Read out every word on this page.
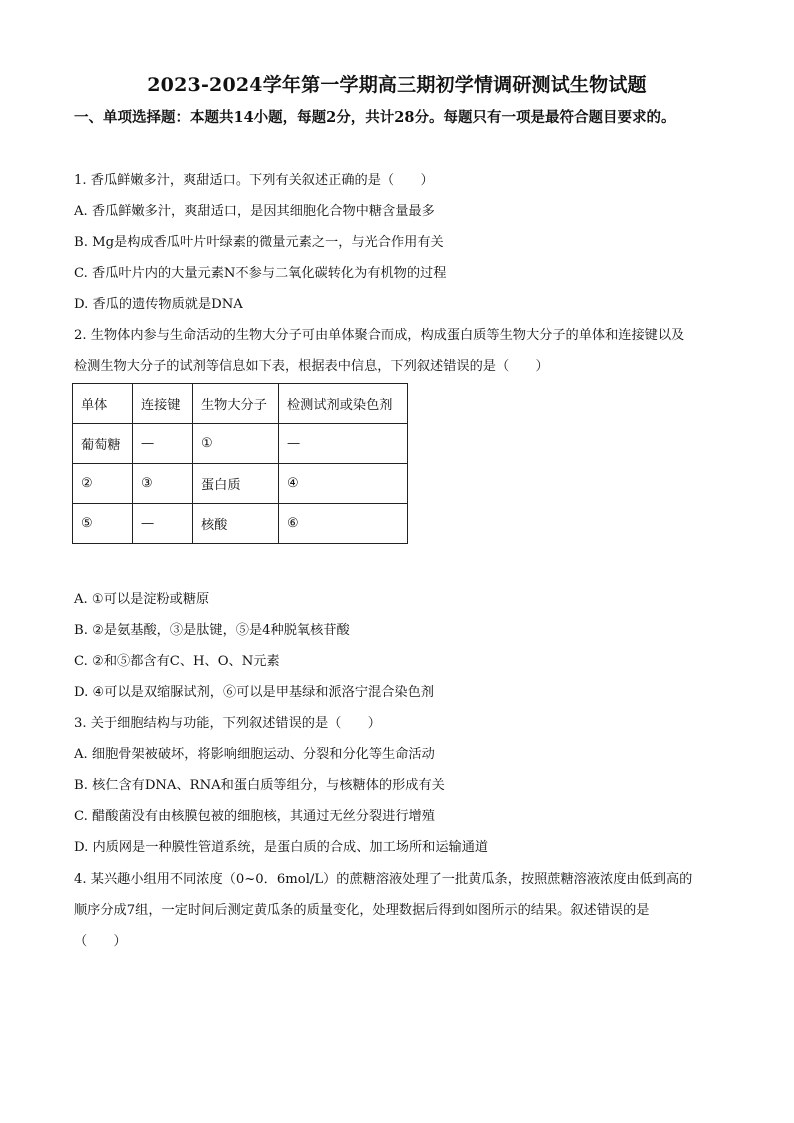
2023-2024学年第一学期高三期初学情调研测试生物试题
一、单项选择题：本题共14小题，每题2分，共计28分。每题只有一项是最符合题目要求的。
1. 香瓜鲜嫩多汁，爽甜适口。下列有关叙述正确的是（　　）
A. 香瓜鲜嫩多汁，爽甜适口，是因其细胞化合物中糖含量最多
B. Mg是构成香瓜叶片叶绿素的微量元素之一，与光合作用有关
C. 香瓜叶片内的大量元素N不参与二氧化碳转化为有机物的过程
D. 香瓜的遗传物质就是DNA
2. 生物体内参与生命活动的生物大分子可由单体聚合而成，构成蛋白质等生物大分子的单体和连接键以及
检测生物大分子的试剂等信息如下表，根据表中信息，下列叙述错误的是（　　）
单体	连接键	生物大分子	检测试剂或染色剂
葡萄糖	—	①	—
②	③	蛋白质	④
⑤	—	核酸	⑥
A. ①可以是淀粉或糖原
B. ②是氨基酸，③是肽键，⑤是4种脱氧核苷酸
C. ②和⑤都含有C、H、O、N元素
D. ④可以是双缩脲试剂，⑥可以是甲基绿和派洛宁混合染色剂
3. 关于细胞结构与功能，下列叙述错误的是（　　）
A. 细胞骨架被破坏，将影响细胞运动、分裂和分化等生命活动
B. 核仁含有DNA、RNA和蛋白质等组分，与核糖体的形成有关
C. 醋酸菌没有由核膜包被的细胞核，其通过无丝分裂进行增殖
D. 内质网是一种膜性管道系统，是蛋白质的合成、加工场所和运输通道
4. 某兴趣小组用不同浓度（0~0．6mol/L）的蔗糖溶液处理了一批黄瓜条，按照蔗糖溶液浓度由低到高的
顺序分成7组，一定时间后测定黄瓜条的质量变化，处理数据后得到如图所示的结果。叙述错误的是
（　　）
